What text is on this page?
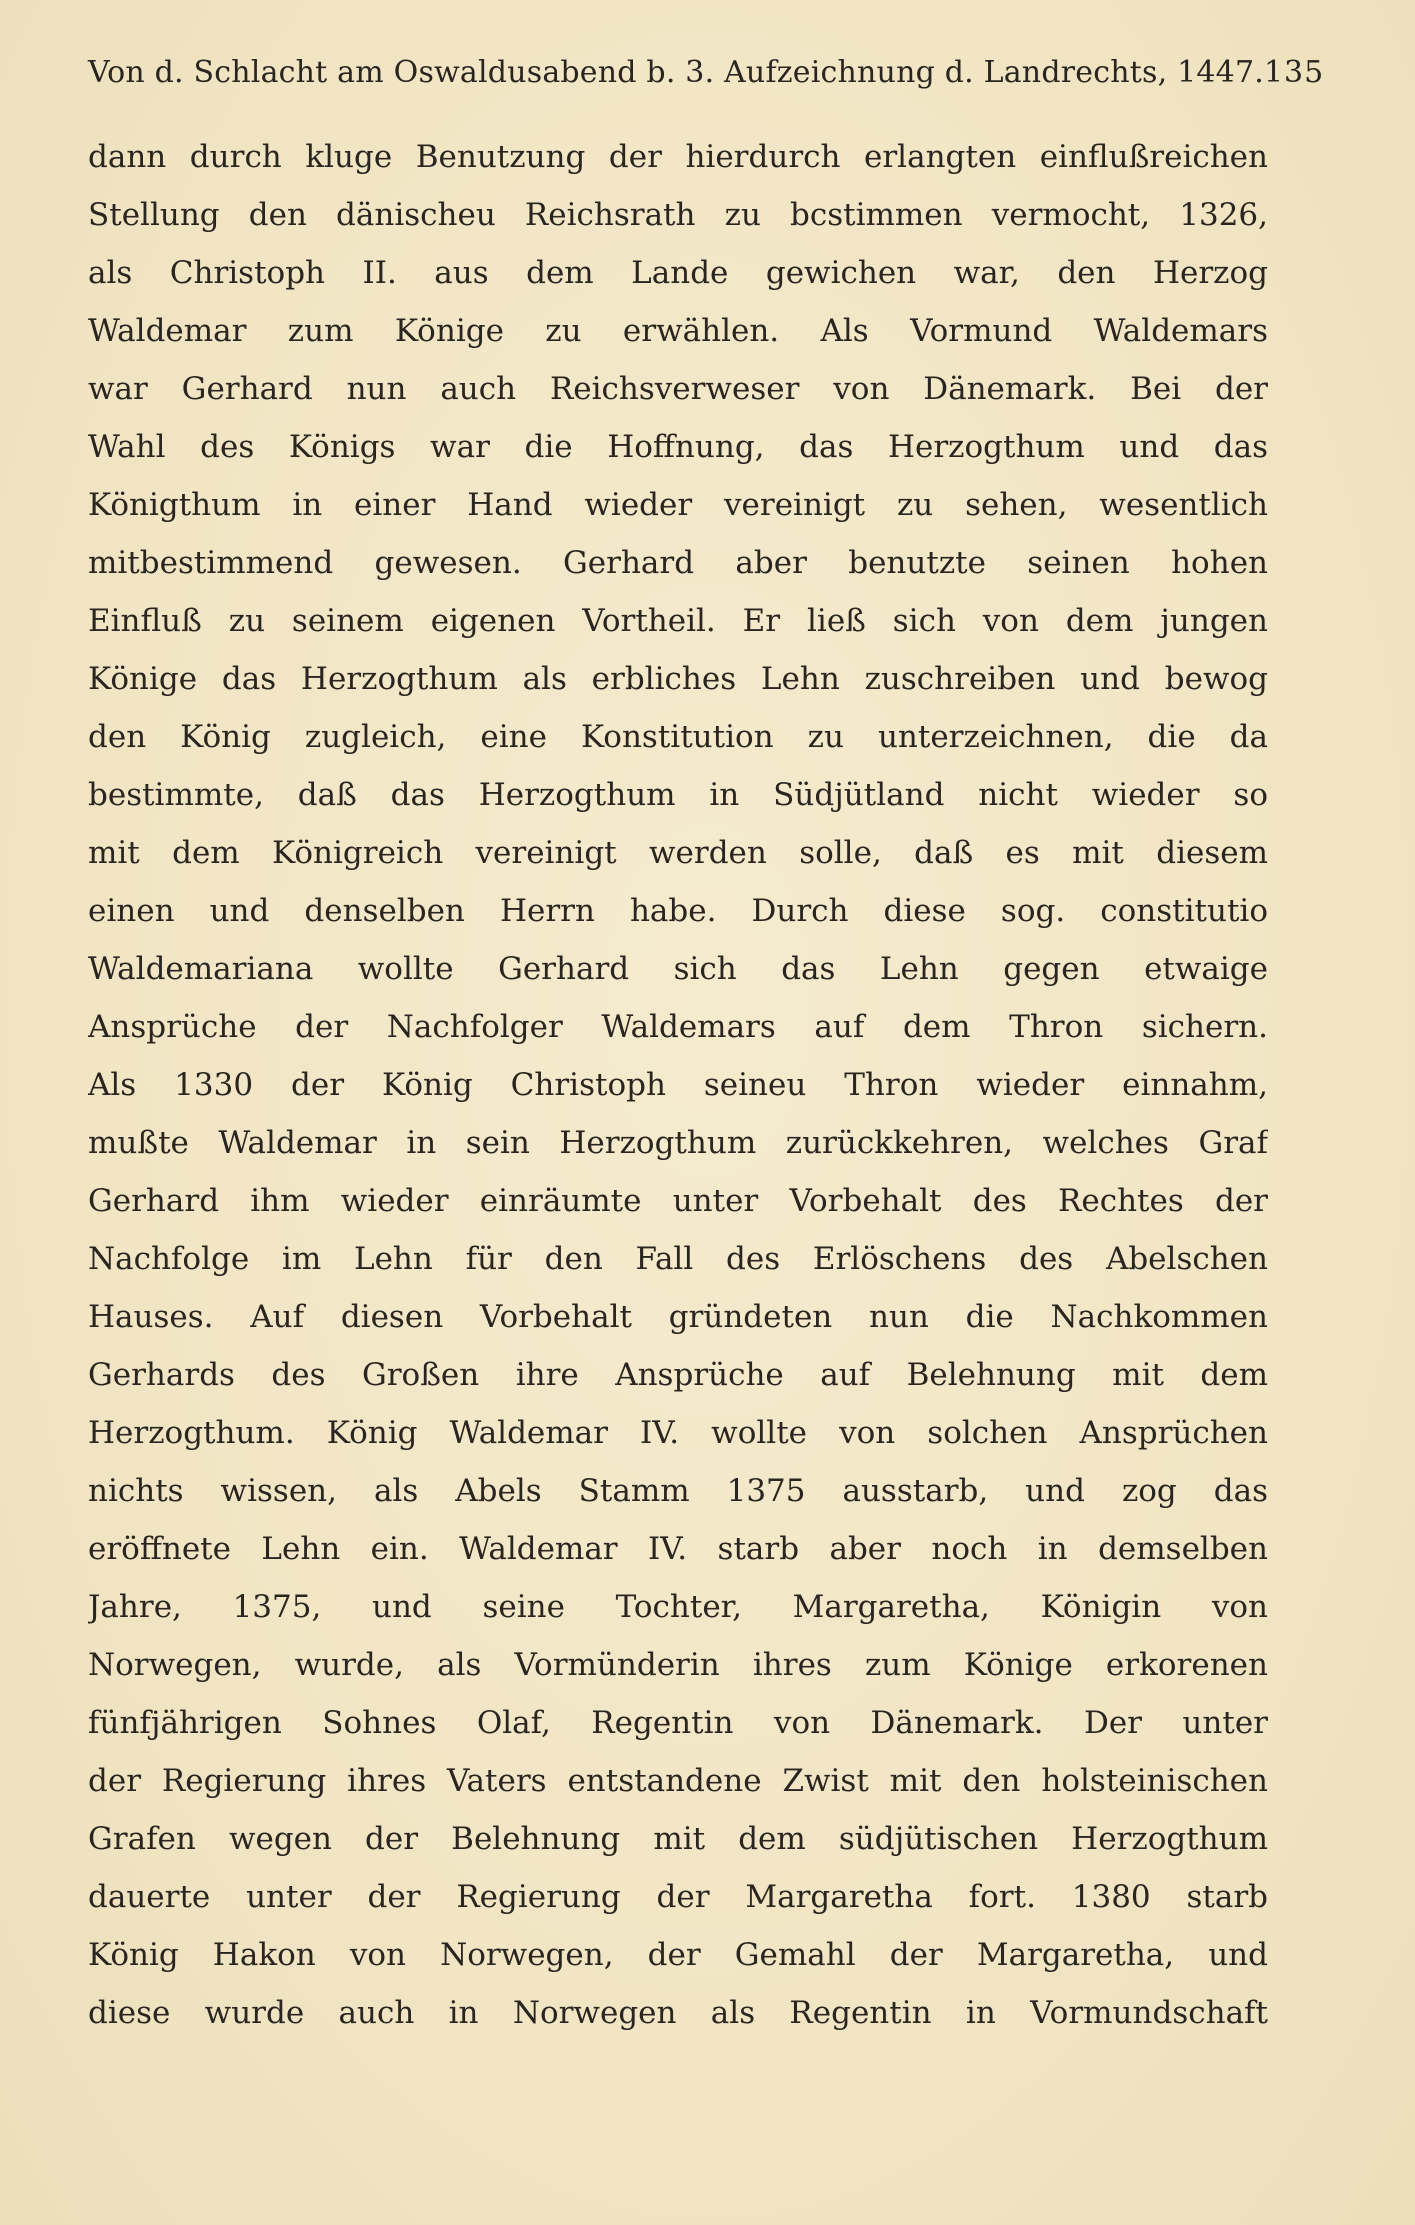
Von d. Schlacht am Oswaldusabend b. 3. Aufzeichnung d. Landrechts, 1447. 135
dann durch kluge Benutzung der hierdurch erlangten einflußreichen
Stellung den dänischeu Reichsrath zu bcstimmen vermocht, 1326,
als Christoph II. aus dem Lande gewichen war, den Herzog
Waldemar zum Könige zu erwählen. Als Vormund Waldemars
war Gerhard nun auch Reichsverweser von Dänemark. Bei der
Wahl des Königs war die Hoffnung, das Herzogthum und das
Königthum in einer Hand wieder vereinigt zu sehen, wesentlich
mitbestimmend gewesen. Gerhard aber benutzte seinen hohen
Einfluß zu seinem eigenen Vortheil. Er ließ sich von dem jungen
Könige das Herzogthum als erbliches Lehn zuschreiben und bewog
den König zugleich, eine Konstitution zu unterzeichnen, die da
bestimmte, daß das Herzogthum in Südjütland nicht wieder so
mit dem Königreich vereinigt werden solle, daß es mit diesem
einen und denselben Herrn habe. Durch diese sog. constitutio
Waldemariana wollte Gerhard sich das Lehn gegen etwaige
Ansprüche der Nachfolger Waldemars auf dem Thron sichern.
Als 1330 der König Christoph seineu Thron wieder einnahm,
mußte Waldemar in sein Herzogthum zurückkehren, welches Graf
Gerhard ihm wieder einräumte unter Vorbehalt des Rechtes der
Nachfolge im Lehn für den Fall des Erlöschens des Abelschen
Hauses. Auf diesen Vorbehalt gründeten nun die Nachkommen
Gerhards des Großen ihre Ansprüche auf Belehnung mit dem
Herzogthum. König Waldemar IV. wollte von solchen Ansprüchen
nichts wissen, als Abels Stamm 1375 ausstarb, und zog das
eröffnete Lehn ein. Waldemar IV. starb aber noch in demselben
Jahre, 1375, und seine Tochter, Margaretha, Königin von
Norwegen, wurde, als Vormünderin ihres zum Könige erkorenen
fünfjährigen Sohnes Olaf, Regentin von Dänemark. Der unter
der Regierung ihres Vaters entstandene Zwist mit den holsteinischen
Grafen wegen der Belehnung mit dem südjütischen Herzogthum
dauerte unter der Regierung der Margaretha fort. 1380 starb
König Hakon von Norwegen, der Gemahl der Margaretha, und
diese wurde auch in Norwegen als Regentin in Vormundschaft
